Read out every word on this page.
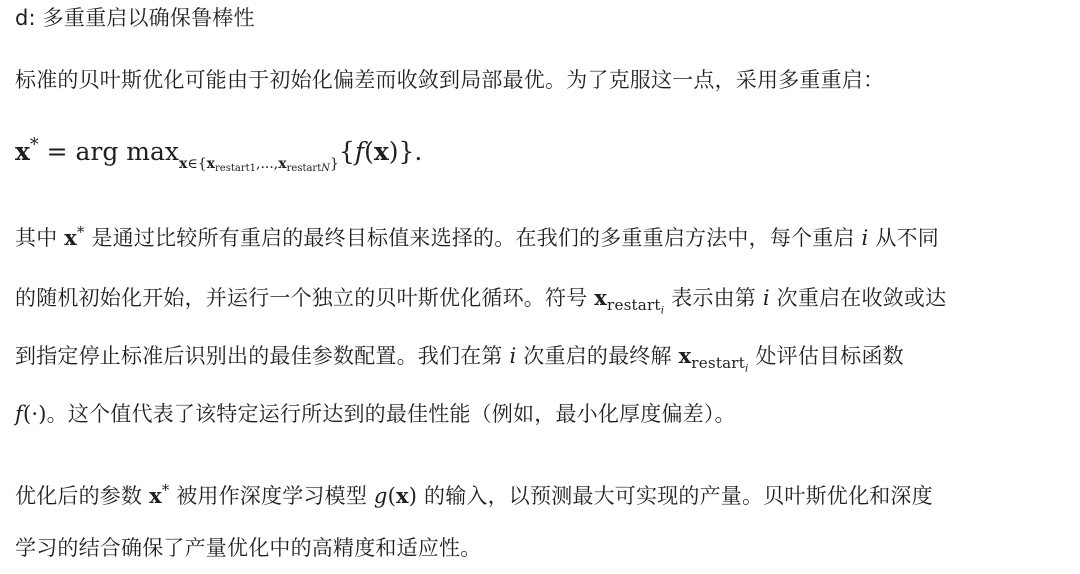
d: 多重重启以确保鲁棒性
标准的贝叶斯优化可能由于初始化偏差而收敛到局部最优。为了克服这一点，采用多重重启：
x* = arg $\max_{x\in\{x_{restart1},...,x_{restartN}\}}\{f(x)\}$.
其中 x* 是通过比较所有重启的最终目标值来选择的。在我们的多重重启方法中，每个重启 i 从不同
的随机初始化开始，并运行一个独立的贝叶斯优化循环。符号 $x_{restart_i}$ 表示由第 i 次重启在收敛或达
到指定停止标准后识别出的最佳参数配置。我们在第 i 次重启的最终解 $x_{restart_i}$ 处评估目标函数
f(·)。这个值代表了该特定运行所达到的最佳性能（例如，最小化厚度偏差）。
优化后的参数 x* 被用作深度学习模型 g(x) 的输入，以预测最大可实现的产量。贝叶斯优化和深度
学习的结合确保了产量优化中的高精度和适应性。
